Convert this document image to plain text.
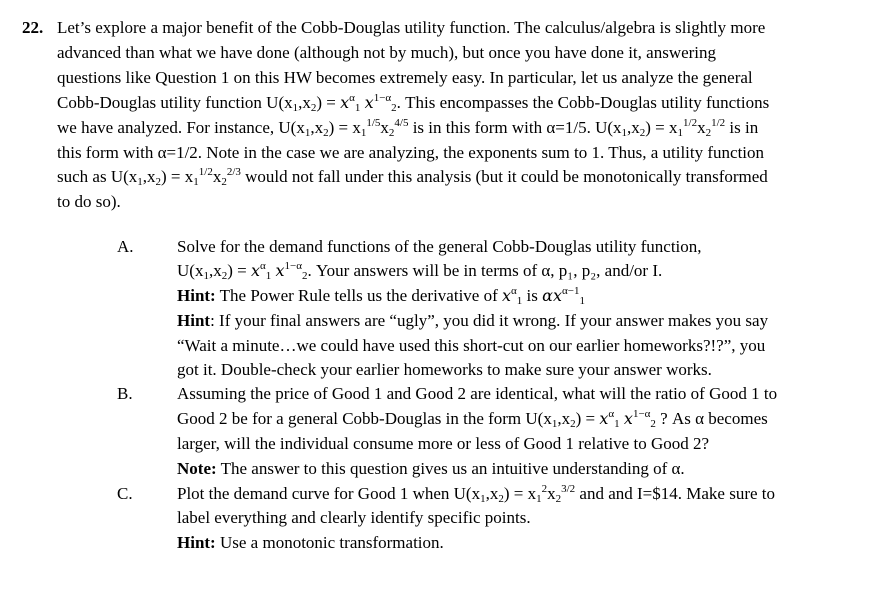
22. Let’s explore a major benefit of the Cobb-Douglas utility function. The calculus/algebra is slightly more
advanced than what we have done (although not by much), but once you have done it, answering
questions like Question 1 on this HW becomes extremely easy. In particular, let us analyze the general
Cobb-Douglas utility function $U(x_1,x_2) = x^\alpha_1$ $x^{1-\alpha}_2$. This encompasses the Cobb-Douglas utility functions
we have analyzed. For instance, $U(x_1,x_2) = x_1^{1/5}x_2^{4/5}$ is in this form with α=1/5. $U(x_1,x_2) = x_1^{1/2}x_2^{1/2}$ is in
this form with α=1/2. Note in the case we are analyzing, the exponents sum to 1. Thus, a utility function
such as $U(x_1,x_2) = x_1^{1/2}x_2^{2/3}$ would not fall under this analysis (but it could be monotonically transformed
to do so).
A.	Solve for the demand functions of the general Cobb-Douglas utility function,
$U(x_1,x_2) = x^\alpha_1$ $x^{1-\alpha}_2$. Your answers will be in terms of α, p₁, p₂, and/or I.
Hint: The Power Rule tells us the derivative of $x^\alpha_1$ is $\alpha x^{\alpha-1}_1$
Hint: If your final answers are “ugly”, you did it wrong. If your answer makes you say
“Wait a minute…we could have used this short-cut on our earlier homeworks?!?”, you
got it. Double-check your earlier homeworks to make sure your answer works.
B.	Assuming the price of Good 1 and Good 2 are identical, what will the ratio of Good 1 to
Good 2 be for a general Cobb-Douglas in the form $U(x_1,x_2) = x^\alpha_1$ $x^{1-\alpha}_2$ ? As α becomes
larger, will the individual consume more or less of Good 1 relative to Good 2?
Note: The answer to this question gives us an intuitive understanding of α.
C.	Plot the demand curve for Good 1 when $U(x_1,x_2) = x_1^2x_2^{3/2}$ and and I=$14. Make sure to
label everything and clearly identify specific points.
Hint: Use a monotonic transformation.
